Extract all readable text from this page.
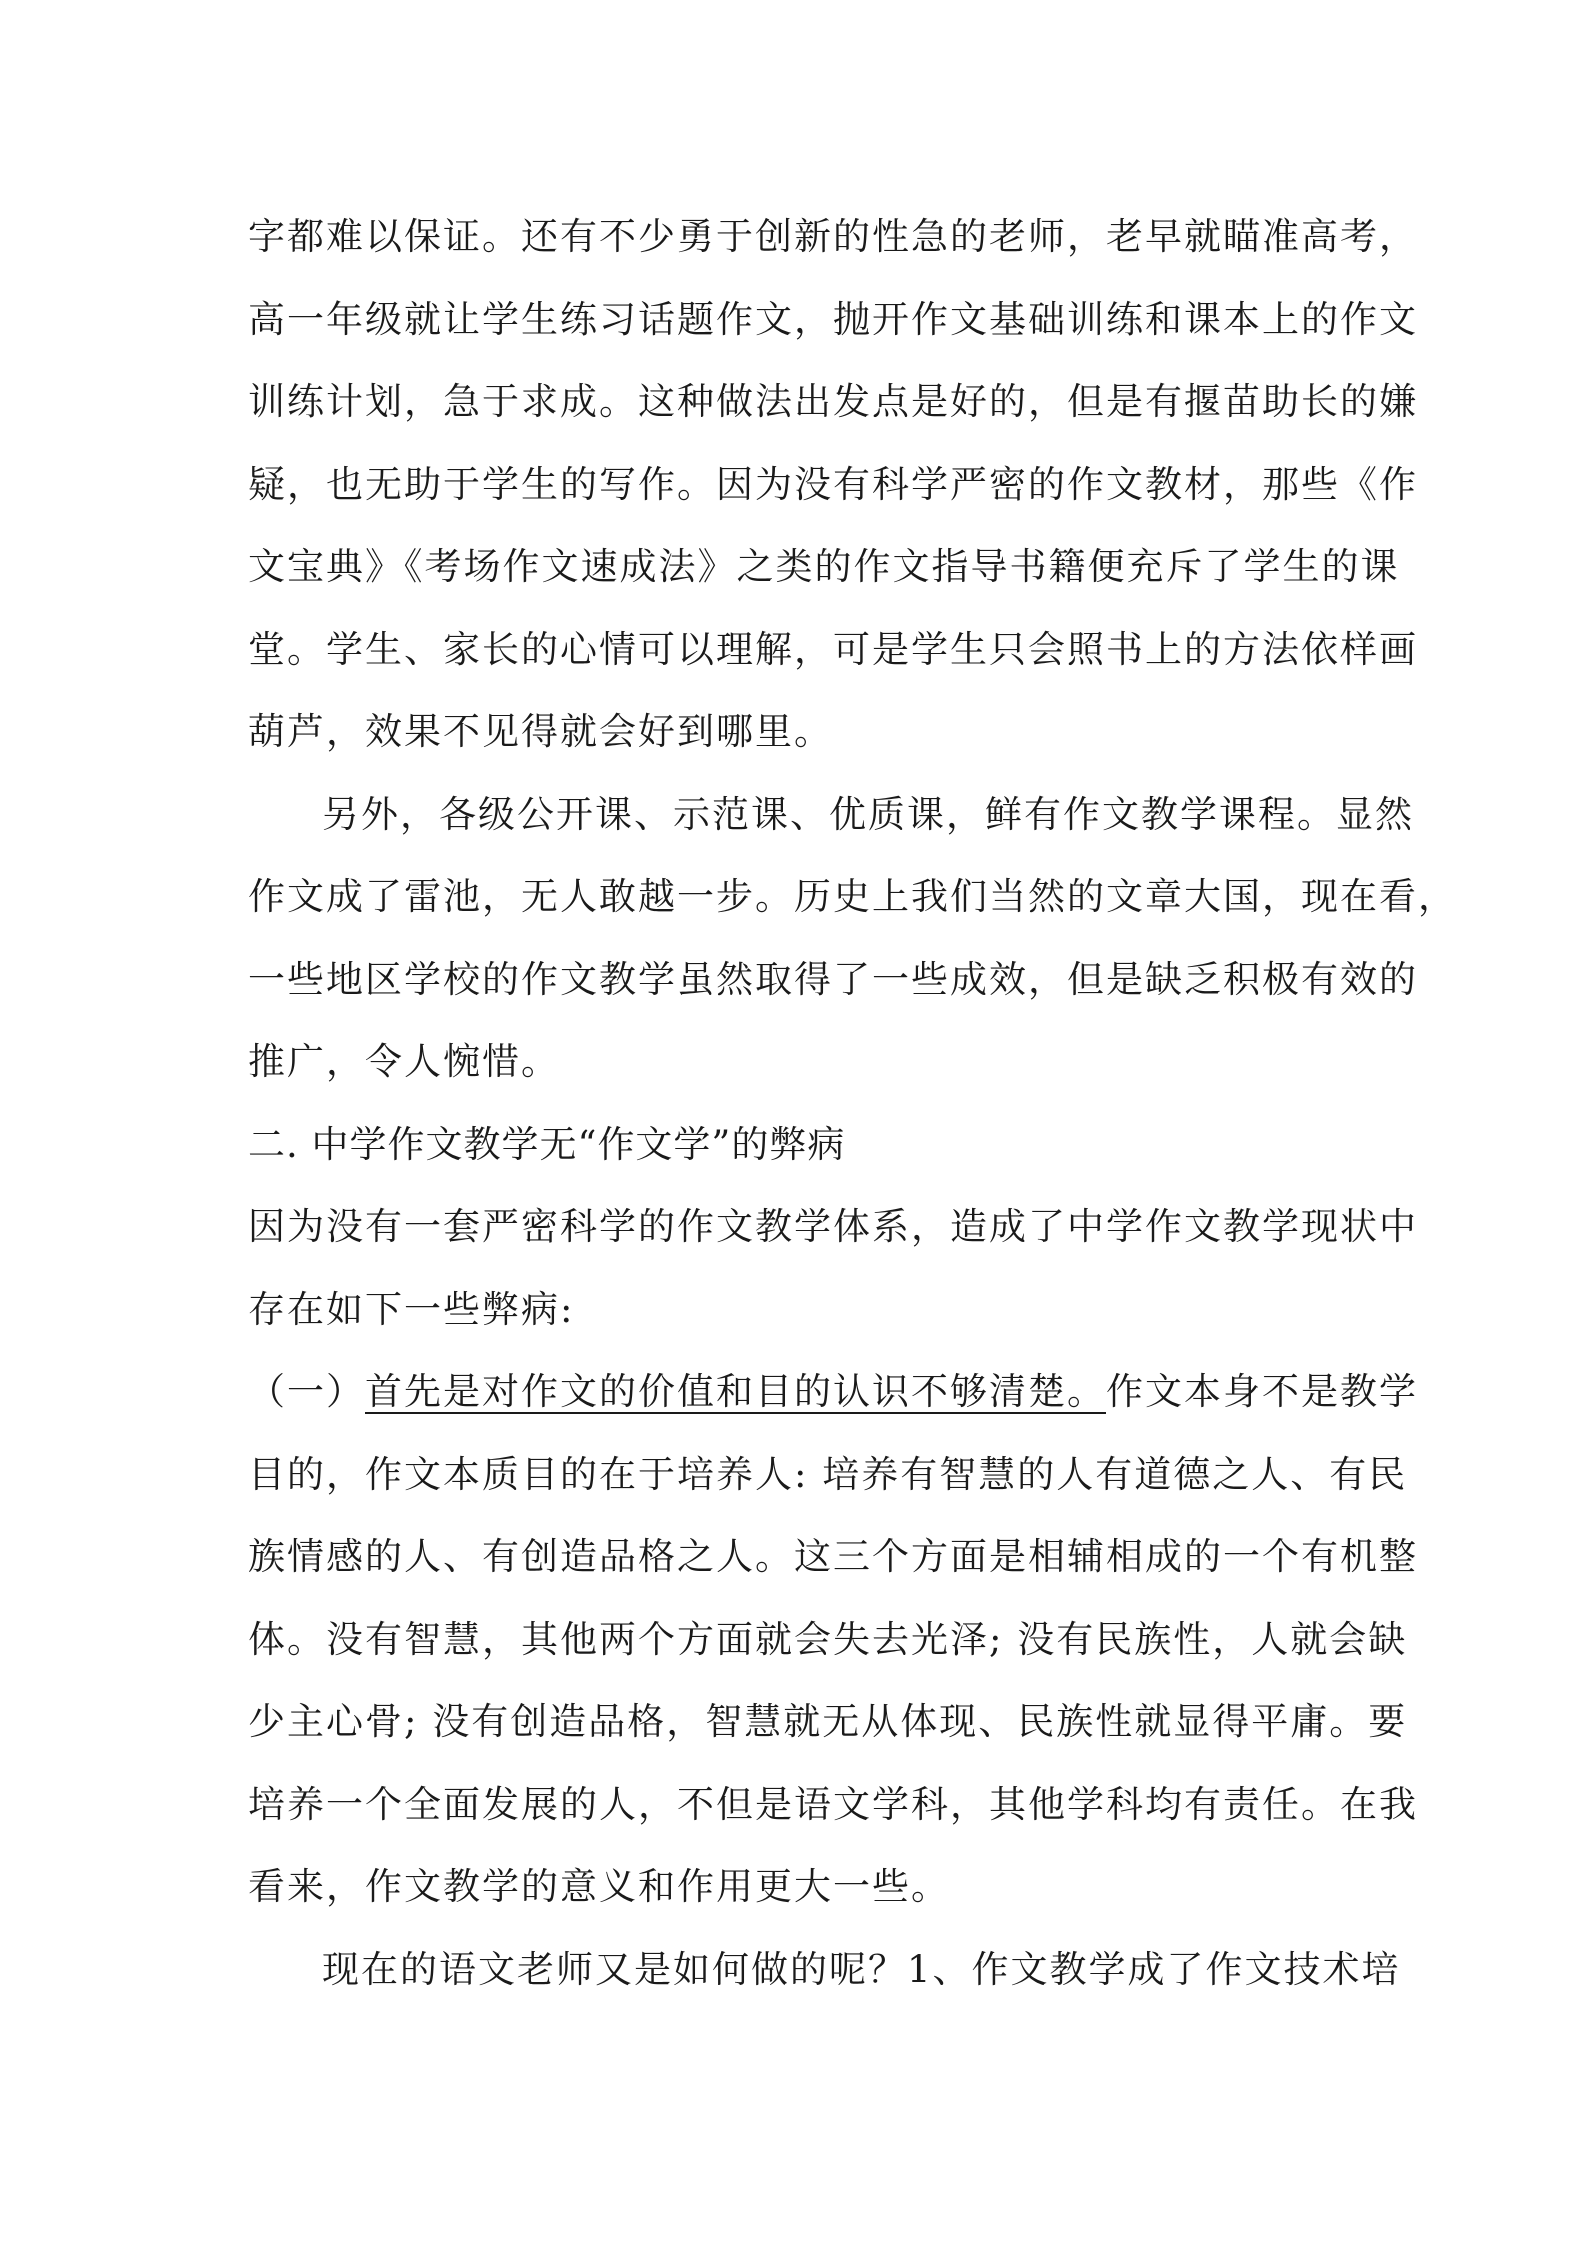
字都难以保证。还有不少勇于创新的性急的老师，老早就瞄准高考，
高一年级就让学生练习话题作文，抛开作文基础训练和课本上的作文
训练计划，急于求成。这种做法出发点是好的，但是有揠苗助长的嫌
疑，也无助于学生的写作。因为没有科学严密的作文教材，那些《作
文宝典》《考场作文速成法》之类的作文指导书籍便充斥了学生的课
堂。学生、家长的心情可以理解，可是学生只会照书上的方法依样画
葫芦，效果不见得就会好到哪里。
另外，各级公开课、示范课、优质课，鲜有作文教学课程。显然
作文成了雷池，无人敢越一步。历史上我们当然的文章大国，现在看，
一些地区学校的作文教学虽然取得了一些成效，但是缺乏积极有效的
推广，令人惋惜。
二. 中学作文教学无“作文学”的弊病
因为没有一套严密科学的作文教学体系，造成了中学作文教学现状中
存在如下一些弊病:
（一）首先是对作文的价值和目的认识不够清楚。作文本身不是教学
目的，作文本质目的在于培养人: 培养有智慧的人有道德之人、有民
族情感的人、有创造品格之人。这三个方面是相辅相成的一个有机整
体。没有智慧，其他两个方面就会失去光泽; 没有民族性，人就会缺
少主心骨; 没有创造品格，智慧就无从体现、民族性就显得平庸。要
培养一个全面发展的人，不但是语文学科，其他学科均有责任。在我
看来，作文教学的意义和作用更大一些。
现在的语文老师又是如何做的呢？1、作文教学成了作文技术培
